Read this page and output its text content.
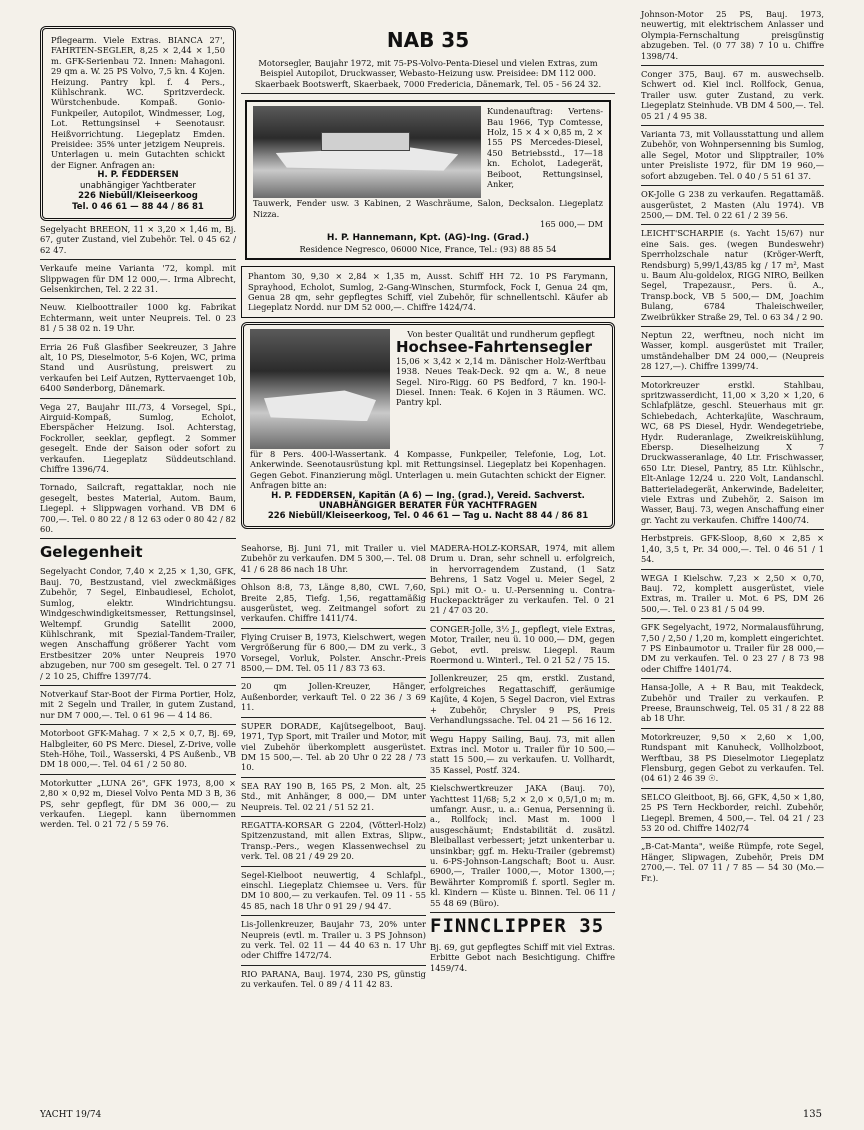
Pflegearm. Viele Extras. BIANCA 27', FAHRTEN-SEGLER, 8,25 × 2,44 × 1,50 m. GFK-Serienbau 72. Innen: Mahagoni. 29 qm a. W. 25 PS Volvo, 7,5 kn. 4 Kojen. Heizung. Pantry kpl. f. 4 Pers., Kühlschrank. WC. Spritzverdeck. Würstchenbude. Kompaß. Gonio-Funkpeiler, Autopilot, Windmesser, Log, Lot. Rettungsinsel + Seenotausr. Heißvorrichtung. Liegeplatz Emden. Preisidee: 35% unter jetzigem Neupreis. Unterlagen u. mein Gutachten schickt der Eigner. Anfragen an:
H. P. FEDDERSEN
unabhängiger Yachtberater
226 Niebüll/Kleiseerkoog
Tel. 0 46 61 — 88 44 / 86 81

Segelyacht BREEON, 11 × 3,20 × 1,46 m, Bj. 67, guter Zustand, viel Zubehör. Tel. 0 45 62 / 62 47.

Verkaufe meine Varianta '72, kompl. mit Slippwagen für DM 12 000,—. Irma Albrecht, Gelsenkirchen, Tel. 2 22 31.

Neuw. Kielboottrailer 1000 kg. Fabrikat Echtermann, weit unter Neupreis. Tel. 0 23 81 / 5 38 02 n. 19 Uhr.

Erria 26 Fuß Glasfiber Seekreuzer, 3 Jahre alt, 10 PS, Dieselmotor, 5-6 Kojen, WC, prima Stand und Ausrüstung, preiswert zu verkaufen bei Leif Autzen, Ryttervaenget 10b, 6400 Sønderborg, Dänemark.

Vega 27, Baujahr III./73, 4 Vorsegel, Spi., Airguid-Kompaß, Sumlog, Echolot, Eberspächer Heizung. Isol. Achterstag, Fockroller, seeklar, gepflegt. 2 Sommer gesegelt. Ende der Saison oder sofort zu verkaufen. Liegeplatz Süddeutschland. Chiffre 1396/74.

Tornado, Sailcraft, regattaklar, noch nie gesegelt, bestes Material, Autom. Baum, Liegepl. + Slippwagen vorhand. VB DM 6 700,—. Tel. 0 80 22 / 8 12 63 oder 0 80 42 / 82 60.

Gelegenheit

Segelyacht Condor, 7,40 × 2,25 × 1,30, GFK, Bauj. 70, Bestzustand, viel zweckmäßiges Zubehör, 7 Segel, Einbaudiesel, Echolot, Sumlog, elektr. Windrichtungsu. Windgeschwindigkeitsmesser, Rettungsinsel, Weltempf. Grundig Satellit 2000, Kühlschrank, mit Spezial-Tandem-Trailer, wegen Anschaffung größerer Yacht vom Erstbesitzer 20% unter Neupreis 1970 abzugeben, nur 700 sm gesegelt. Tel. 0 27 71 / 2 10 25, Chiffre 1397/74.

Notverkauf Star-Boot der Firma Portier, Holz, mit 2 Segeln und Trailer, in gutem Zustand, nur DM 7 000,—. Tel. 0 61 96 — 4 14 86.

Motorboot GFK-Mahag. 7 × 2,5 × 0,7, Bj. 69, Halbgleiter, 60 PS Merc. Diesel, Z-Drive, volle Steh-Höhe, Toil., Wasserski, 4 PS Außenb., VB DM 18 000,—. Tel. 04 61 / 2 50 80.

Motorkutter „LUNA 26", GFK 1973, 8,00 × 2,80 × 0,92 m, Diesel Volvo Penta MD 3 B, 36 PS, sehr gepflegt, für DM 36 000,— zu verkaufen. Liegepl. kann übernommen werden. Tel. 0 21 72 / 5 59 76.

NAB 35

Motorsegler, Baujahr 1972, mit 75-PS-Volvo-Penta-Diesel und vielen Extras, zum Beispiel Autopilot, Druckwasser, Webasto-Heizung usw. Preisidee: DM 112 000. Skaerbaek Bootswerft, Skaerbaek, 7000 Fredericia, Dänemark, Tel. 05 - 56 24 32.

Kundenauftrag: Vertens-Bau 1966, Typ Comtesse, Holz, 15 × 4 × 0,85 m, 2 × 155 PS Mercedes-Diesel, 450 Betriebsstd., 17—18 kn. Echolot, Ladegerät, Beiboot, Rettungsinsel, Anker,
Tauwerk, Fender usw. 3 Kabinen, 2 Waschräume, Salon, Decksalon. Liegeplatz Nizza.
165 000,— DM
H. P. Hannemann, Kpt. (AG)-Ing. (Grad.)
Residence Negresco, 06000 Nice, France, Tel.: (93) 88 85 54
Phantom 30, 9,30 × 2,84 × 1,35 m, Ausst. Schiff HH 72. 10 PS Farymann, Sprayhood, Echolot, Sumlog, 2-Gang-Winschen, Sturmfock, Fock I, Genua 24 qm, Genua 28 qm, sehr gepflegtes Schiff, viel Zubehör, für schnellentschl. Käufer ab Liegeplatz Nordd. nur DM 52 000,—. Chiffre 1424/74.
Von bester Qualität und rundherum gepflegt
Hochsee-Fahrtensegler
15,06 × 3,42 × 2,14 m. Dänischer Holz-Werftbau 1938. Neues Teak-Deck. 92 qm a. W., 8 neue Segel. Niro-Rigg. 60 PS Bedford, 7 kn. 190-l-Diesel. Innen: Teak. 6 Kojen in 3 Räumen. WC. Pantry kpl.
für 8 Pers. 400-l-Wassertank. 4 Kompasse, Funkpeiler, Telefonie, Log, Lot. Ankerwinde. Seenotausrüstung kpl. mit Rettungsinsel. Liegeplatz bei Kopenhagen. Gegen Gebot. Finanzierung mögl. Unterlagen u. mein Gutachten schickt der Eigner. Anfragen bitte an:
H. P. FEDDERSEN, Kapitän (A 6) — Ing. (grad.), Vereid. Sachverst.
UNABHÄNGIGER BERATER FÜR YACHTFRAGEN
226 Niebüll/Kleiseerkoog, Tel. 0 46 61 — Tag u. Nacht 88 44 / 86 81

Seahorse, Bj. Juni 71, mit Trailer u. viel Zubehör zu verkaufen. DM 5 300,—. Tel. 08 41 / 6 28 86 nach 18 Uhr.

Ohlson 8:8, 73, Länge 8,80, CWL 7,60, Breite 2,85, Tiefg. 1,56, regattamäßig ausgerüstet, weg. Zeitmangel sofort zu verkaufen. Chiffre 1411/74.

Flying Cruiser B, 1973, Kielschwert, wegen Vergrößerung für 6 800,— DM zu verk., 3 Vorsegel, Vorluk, Polster. Anschr.-Preis 8500,— DM. Tel. 05 11 / 83 73 63.

20 qm Jollen-Kreuzer, Hänger, Außenborder, verkauft Tel. 0 22 36 / 3 69 11.

SUPER DORADE, Kajütsegelboot, Bauj. 1971, Typ Sport, mit Trailer und Motor, mit viel Zubehör überkomplett ausgerüstet. DM 15 500,—. Tel. ab 20 Uhr 0 22 28 / 73 10.

SEA RAY 190 B, 165 PS, 2 Mon. alt, 25 Std., mit Anhänger, 8 000,— DM unter Neupreis. Tel. 02 21 / 51 52 21.

REGATTA-KORSAR G 2204, (Vötterl-Holz) Spitzenzustand, mit allen Extras, Slipw., Transp.-Pers., wegen Klassenwechsel zu verk. Tel. 08 21 / 49 29 20.

Segel-Kielboot neuwertig, 4 Schlafpl., einschl. Liegeplatz Chiemsee u. Vers. für DM 10 800,— zu verkaufen. Tel. 09 11 - 55 45 85, nach 18 Uhr 0 91 29 / 94 47.

Lis-Jollenkreuzer, Baujahr 73, 20% unter Neupreis (evtl. m. Trailer u. 3 PS Johnson) zu verk. Tel. 02 11 — 44 40 63 n. 17 Uhr oder Chiffre 1472/74.

RIO PARANA, Bauj. 1974, 230 PS, günstig zu verkaufen. Tel. 0 89 / 4 11 42 83.

MADERA-HOLZ-KORSAR, 1974, mit allem Drum u. Dran, sehr schnell u. erfolgreich, in hervorragendem Zustand, (1 Satz Behrens, 1 Satz Vogel u. Meier Segel, 2 Spi.) mit O.- u. U.-Persenning u. Contra-Huckepackträger zu verkaufen. Tel. 0 21 21 / 47 03 20.

CONGER-Jolle, 3½ J., gepflegt, viele Extras, Motor, Trailer, neu ü. 10 000,— DM, gegen Gebot, evtl. preisw. Liegepl. Raum Roermond u. Winterl., Tel. 0 21 52 / 75 15.

Jollenkreuzer, 25 qm, erstkl. Zustand, erfolgreiches Regattaschiff, geräumige Kajüte, 4 Kojen, 5 Segel Dacron, viel Extras + Zubehör, Chrysler 9 PS, Preis Verhandlungssache. Tel. 04 21 — 56 16 12.

Wegu Happy Sailing, Bauj. 73, mit allen Extras incl. Motor u. Trailer für 10 500,— statt 15 500,— zu verkaufen. U. Vollhardt, 35 Kassel, Postf. 324.

Kielschwertkreuzer JAKA (Bauj. 70), Yachttest 11/68; 5,2 × 2,0 × 0,5/1,0 m; m. umfangr. Ausr., u. a.: Genua, Persenning ü. a., Rollfock; incl. Mast m. 1000 l ausgeschäumt; Endstabilität d. zusätzl. Bleiballast verbessert; jetzt unkenterbar u. unsinkbar; ggf. m. Heku-Trailer (gebremst) u. 6-PS-Johnson-Langschaft; Boot u. Ausr. 6900,—, Trailer 1000,—, Motor 1300,—; Bewährter Kompromiß f. sportl. Segler m. kl. Kindern — Küste u. Binnen. Tel. 06 11 / 55 48 69 (Büro).

FINNCLIPPER 35

Bj. 69, gut gepflegtes Schiff mit viel Extras. Erbitte Gebot nach Besichtigung. Chiffre 1459/74.

Johnson-Motor 25 PS, Bauj. 1973, neuwertig, mit elektrischem Anlasser und Olympia-Fernschaltung preisgünstig abzugeben. Tel. (0 77 38) 7 10 u. Chiffre 1398/74.

Conger 375, Bauj. 67 m. auswechselb. Schwert od. Kiel incl. Rollfock, Genua, Trailer usw. guter Zustand, zu verk. Liegeplatz Steinhude. VB DM 4 500,—. Tel. 05 21 / 4 95 38.

Varianta 73, mit Vollausstattung und allem Zubehör, von Wohnpersenning bis Sumlog, alle Segel, Motor und Slipptrailer, 10% unter Preisliste 1972, für DM 19 960,— sofort abzugeben. Tel. 0 40 / 5 51 61 37.

OK-Jolle G 238 zu verkaufen. Regattamäß. ausgerüstet, 2 Masten (Alu 1974). VB 2500,— DM. Tel. 0 22 61 / 2 39 56.

LEICHT'SCHARPIE (s. Yacht 15/67) nur eine Sais. ges. (wegen Bundeswehr) Sperrholzschale natur (Kröger-Werft, Rendsburg) 5,99/1,43/85 kg / 17 m², Mast u. Baum Alu-goldelox, RIGG NIRO, Beilken Segel, Trapezausr., Pers. ü. A., Transp.bock, VB 5 500,— DM, Joachim Bulang, 6784 Thaleischweiler, Zweibrükker Straße 29, Tel. 0 63 34 / 2 90.

Neptun 22, werftneu, noch nicht im Wasser, kompl. ausgerüstet mit Trailer, umständehalber DM 24 000,— (Neupreis 28 127,—). Chiffre 1399/74.

Motorkreuzer erstkl. Stahlbau, spritzwasserdicht, 11,00 × 3,20 × 1,20, 6 Schlafplätze, geschl. Steuerhaus mit gr. Schiebedach, Achterkajüte, Waschraum, WC, 68 PS Diesel, Hydr. Wendegetriebe, Hydr. Ruderanlage, Zweikreiskühlung, Ebersp. Dieselheizung X 7 Druckwasseranlage, 40 Ltr. Frischwasser, 650 Ltr. Diesel, Pantry, 85 Ltr. Kühlschr., Elt-Anlage 12/24 u. 220 Volt, Landanschl. Batterieladegerät, Ankerwinde, Badeleiter, viele Extras und Zubehör, 2. Saison im Wasser, Bauj. 73, wegen Anschaffung einer gr. Yacht zu verkaufen. Chiffre 1400/74.

Herbstpreis. GFK-Sloop, 8,60 × 2,85 × 1,40, 3,5 t, Pr. 34 000,—. Tel. 0 46 51 / 1 54.

WEGA I Kielschw. 7,23 × 2,50 × 0,70, Bauj. 72, komplett ausgerüstet, viele Extras, m. Trailer u. Mot. 6 PS, DM 26 500,—. Tel. 0 23 81 / 5 04 99.

GFK Segelyacht, 1972, Normalausführung, 7,50 / 2,50 / 1,20 m, komplett eingerichtet. 7 PS Einbaumotor u. Trailer für 28 000,— DM zu verkaufen. Tel. 0 23 27 / 8 73 98 oder Chiffre 1401/74.

Hansa-Jolle, A + R Bau, mit Teakdeck, Zubehör und Trailer zu verkaufen. P. Preese, Braunschweig, Tel. 05 31 / 8 22 88 ab 18 Uhr.

Motorkreuzer, 9,50 × 2,60 × 1,00, Rundspant mit Kanuheck, Vollholzboot, Werftbau, 38 PS Dieselmotor Liegeplatz Flensburg, gegen Gebot zu verkaufen. Tel. (04 61) 2 46 39 ☉.

SELCO Gleitboot, Bj. 66, GFK, 4,50 × 1,80, 25 PS Tern Heckborder, reichl. Zubehör, Liegepl. Bremen, 4 500,—. Tel. 04 21 / 23 53 20 od. Chiffre 1402/74

„B-Cat-Manta", weiße Rümpfe, rote Segel, Hänger, Slipwagen, Zubehör, Preis DM 2700,—. Tel. 07 11 / 7 85 — 54 30 (Mo.—Fr.).

YACHT 19/74	135
